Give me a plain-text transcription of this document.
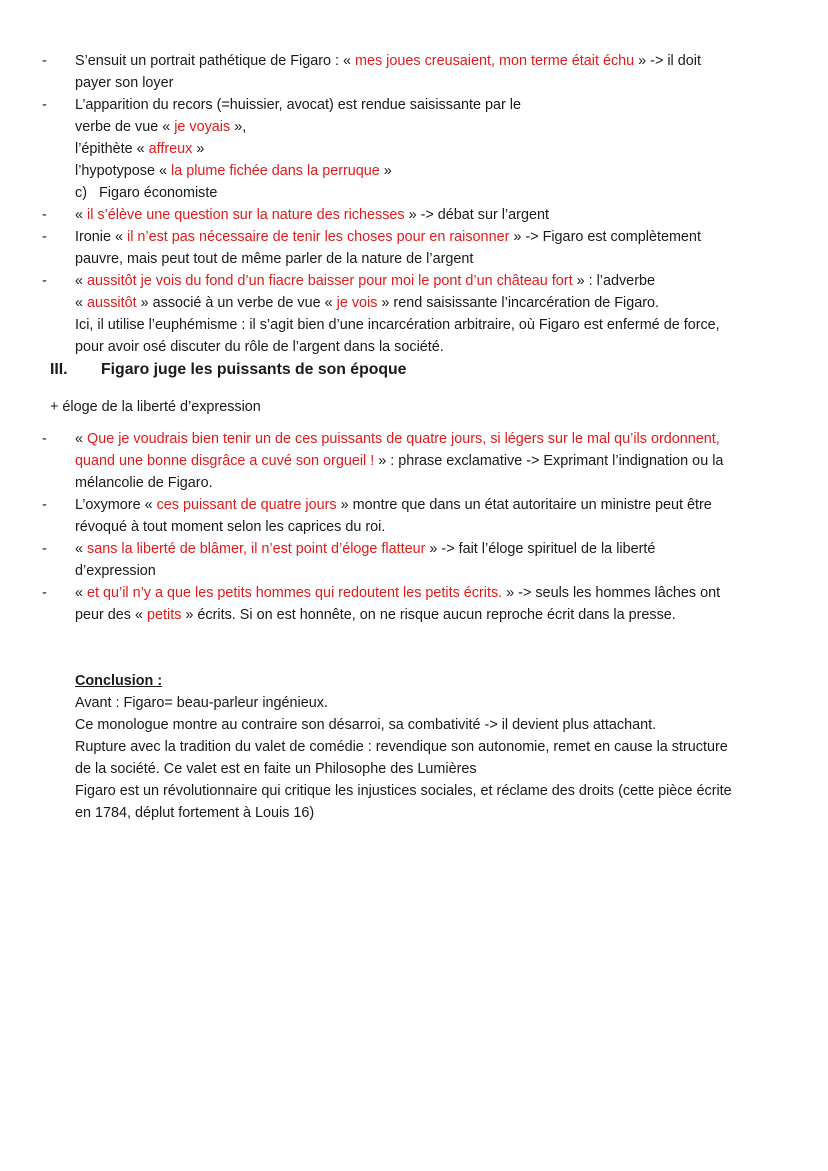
- S’ensuit un portrait pathétique de Figaro : « mes joues creusaient, mon terme était échu » -> il doit
payer son loyer
- L’apparition du recors (=huissier, avocat) est rendue saisissante par le
verbe de vue « je voyais »,
l’épithète « affreux »
l’hypotypose « la plume fichée dans la perruque »
c)   Figaro économiste
- « il s’élève une question sur la nature des richesses » -> débat sur l’argent
- Ironie « il n’est pas nécessaire de tenir les choses pour en raisonner » -> Figaro est complètement
pauvre, mais peut tout de même parler de la nature de l’argent
- « aussitôt je vois du fond d’un fiacre baisser pour moi le pont d’un château fort » : l’adverbe
« aussitôt » associé à un verbe de vue « je vois » rend saisissante l’incarcération de Figaro.
Ici, il utilise l’euphémisme : il s’agit bien d’une incarcération arbitraire, où Figaro est enfermé de force,
pour avoir osé discuter du rôle de l’argent dans la société.
III. Figaro juge les puissants de son époque
+ éloge de la liberté d’expression
- « Que je voudrais bien tenir un de ces puissants de quatre jours, si légers sur le mal qu’ils ordonnent,
quand une bonne disgrâce a cuvé son orgueil ! » : phrase exclamative -> Exprimant l’indignation ou la
mélancolie de Figaro.
- L’oxymore « ces puissant de quatre jours » montre que dans un état autoritaire un ministre peut être
révoqué à tout moment selon les caprices du roi.
- « sans la liberté de blâmer, il n’est point d’éloge flatteur » -> fait l’éloge spirituel de la liberté
d’expression
- « et qu’il n’y a que les petits hommes qui redoutent les petits écrits. » -> seuls les hommes lâches ont
peur des « petits » écrits. Si on est honnête, on ne risque aucun reproche écrit dans la presse.
Conclusion :
Avant : Figaro= beau-parleur ingénieux.
Ce monologue montre au contraire son désarroi, sa combativité -> il devient plus attachant.
Rupture avec la tradition du valet de comédie : revendique son autonomie, remet en cause la structure
de la société. Ce valet est en faite un Philosophe des Lumières
Figaro est un révolutionnaire qui critique les injustices sociales, et réclame des droits (cette pièce écrite
en 1784, déplut fortement à Louis 16)
